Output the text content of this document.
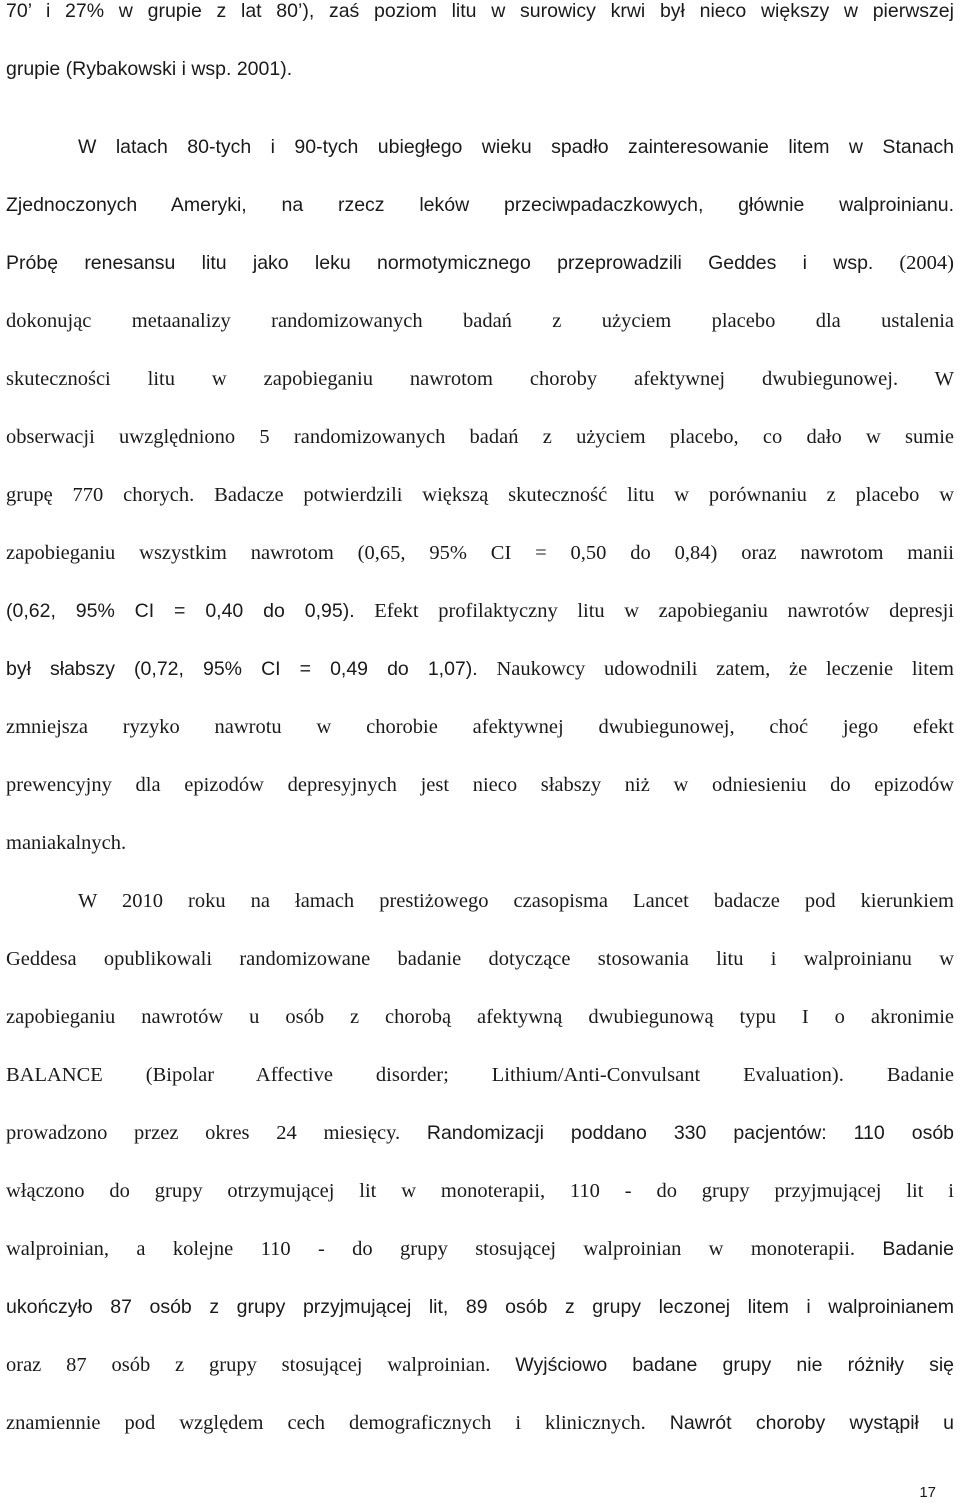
70’ i 27% w grupie z lat 80’), zaś poziom litu w surowicy krwi był nieco większy w pierwszej
grupie (Rybakowski i wsp. 2001).
W latach 80-tych i 90-tych ubiegłego wieku spadło zainteresowanie litem w Stanach
Zjednoczonych Ameryki, na rzecz leków przeciwpadaczkowych, głównie walproinianu.
Próbę renesansu litu jako leku normotymicznego przeprowadzili Geddes i wsp. (2004)
dokonując metaanalizy randomizowanych badań z użyciem placebo dla ustalenia
skuteczności litu w zapobieganiu nawrotom choroby afektywnej dwubiegunowej. W
obserwacji uwzględniono 5 randomizowanych badań z użyciem placebo, co dało w sumie
grupę 770 chorych. Badacze potwierdzili większą skuteczność litu w porównaniu z placebo w
zapobieganiu wszystkim nawrotom (0,65, 95% CI = 0,50 do 0,84) oraz nawrotom manii
(0,62, 95% CI = 0,40 do 0,95). Efekt profilaktyczny litu w zapobieganiu nawrotów depresji
był słabszy (0,72, 95% CI = 0,49 do 1,07). Naukowcy udowodnili zatem, że leczenie litem
zmniejsza ryzyko nawrotu w chorobie afektywnej dwubiegunowej, choć jego efekt
prewencyjny dla epizodów depresyjnych jest nieco słabszy niż w odniesieniu do epizodów
maniakalnych.
W 2010 roku na łamach prestiżowego czasopisma Lancet badacze pod kierunkiem
Geddesa opublikowali randomizowane badanie dotyczące stosowania litu i walproinianu w
zapobieganiu nawrotów u osób z chorobą afektywną dwubiegunową typu I o akronimie
BALANCE (Bipolar Affective disorder; Lithium/Anti-Convulsant Evaluation). Badanie
prowadzono przez okres 24 miesięcy. Randomizacji poddano 330 pacjentów: 110 osób
włączono do grupy otrzymującej lit w monoterapii, 110 - do grupy przyjmującej lit i
walproinian, a kolejne 110 - do grupy stosującej walproinian w monoterapii. Badanie
ukończyło 87 osób z grupy przyjmującej lit, 89 osób z grupy leczonej litem i walproinianem
oraz 87 osób z grupy stosującej walproinian. Wyjściowo badane grupy nie różniły się
znamiennie pod względem cech demograficznych i klinicznych. Nawrót choroby wystąpił u
17
